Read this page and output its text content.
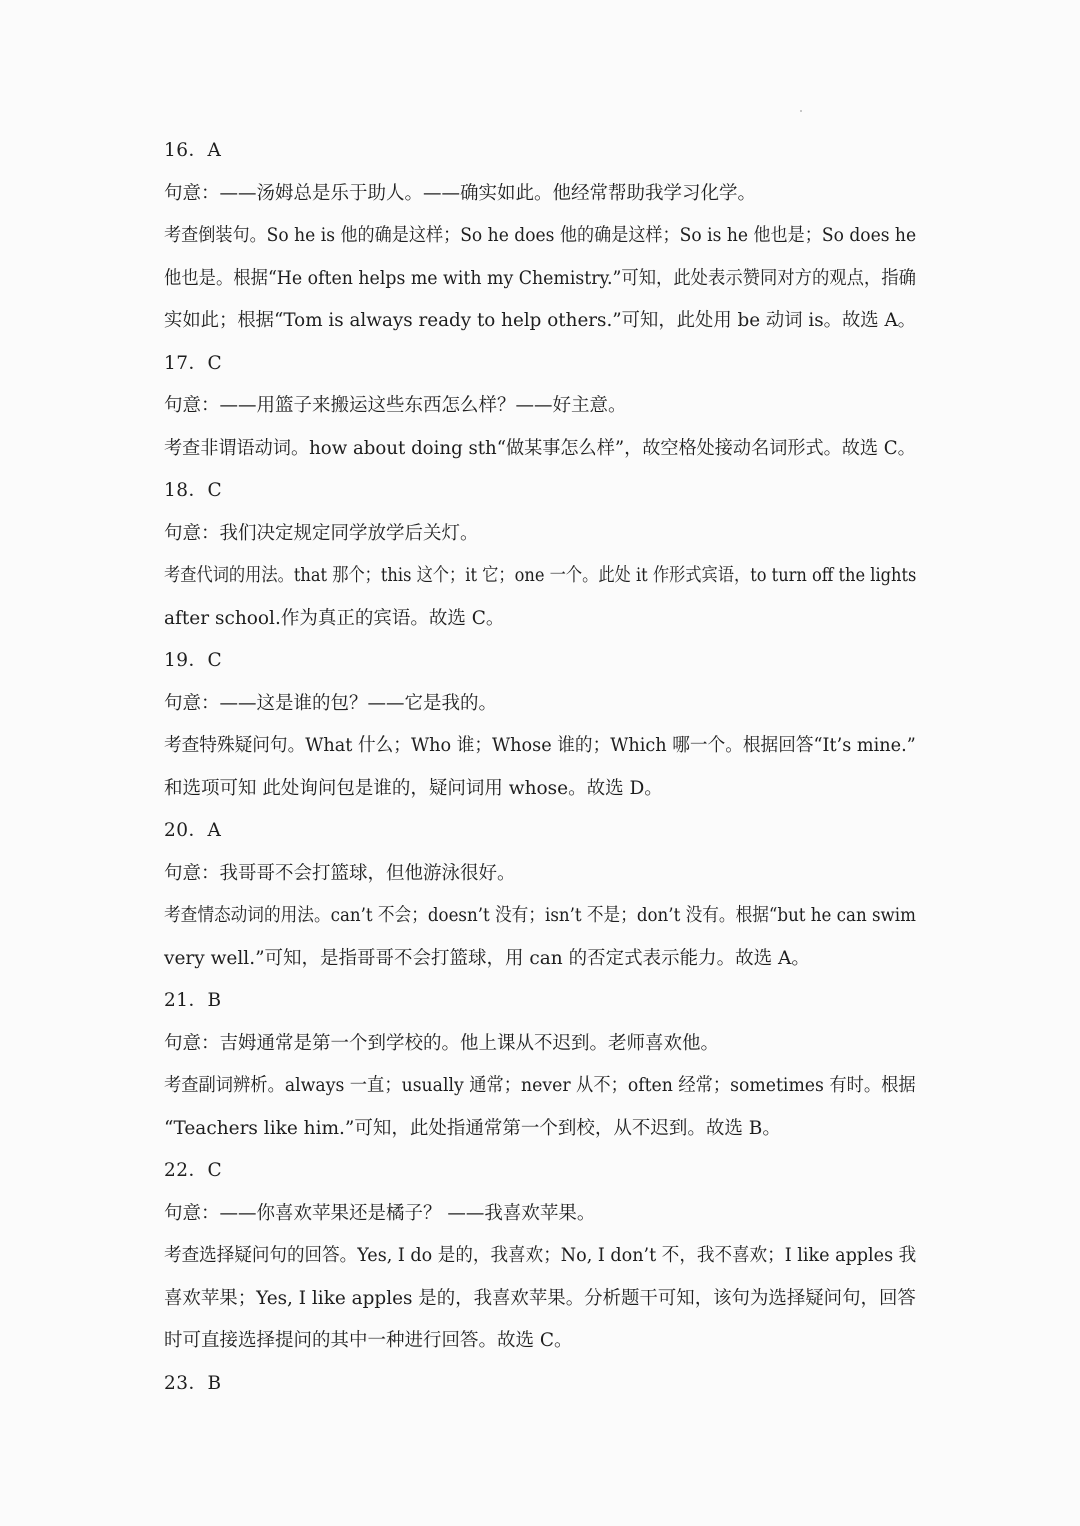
16．A
句意：——汤姆总是乐于助人。——确实如此。他经常帮助我学习化学。
考查倒装句。So he is 他的确是这样；So he does 他的确是这样；So is he 他也是；So does he
他也是。根据“He often helps me with my Chemistry.”可知，此处表示赞同对方的观点，指确
实如此；根据“Tom is always ready to help others.”可知，此处用 be 动词 is。故选 A。
17．C
句意：——用篮子来搬运这些东西怎么样？——好主意。
考查非谓语动词。how about doing sth“做某事怎么样”，故空格处接动名词形式。故选 C。
18．C
句意：我们决定规定同学放学后关灯。
考查代词的用法。that 那个；this 这个；it 它；one 一个。此处 it 作形式宾语，to turn off the lights
after school.作为真正的宾语。故选 C。
19．C
句意：——这是谁的包？——它是我的。
考查特殊疑问句。What 什么；Who 谁；Whose 谁的；Which 哪一个。根据回答“It’s mine.”
和选项可知 此处询问包是谁的，疑问词用 whose。故选 D。
20．A
句意：我哥哥不会打篮球，但他游泳很好。
考查情态动词的用法。can’t 不会；doesn’t 没有；isn’t 不是；don’t 没有。根据“but he can swim
very well.”可知，是指哥哥不会打篮球，用 can 的否定式表示能力。故选 A。
21．B
句意：吉姆通常是第一个到学校的。他上课从不迟到。老师喜欢他。
考查副词辨析。always 一直；usually 通常；never 从不；often 经常；sometimes 有时。根据
“Teachers like him.”可知，此处指通常第一个到校，从不迟到。故选 B。
22．C
句意：——你喜欢苹果还是橘子？ ——我喜欢苹果。
考查选择疑问句的回答。Yes, I do 是的，我喜欢；No, I don’t 不，我不喜欢；I like apples 我
喜欢苹果；Yes, I like apples 是的，我喜欢苹果。分析题干可知，该句为选择疑问句，回答
时可直接选择提问的其中一种进行回答。故选 C。
23．B
